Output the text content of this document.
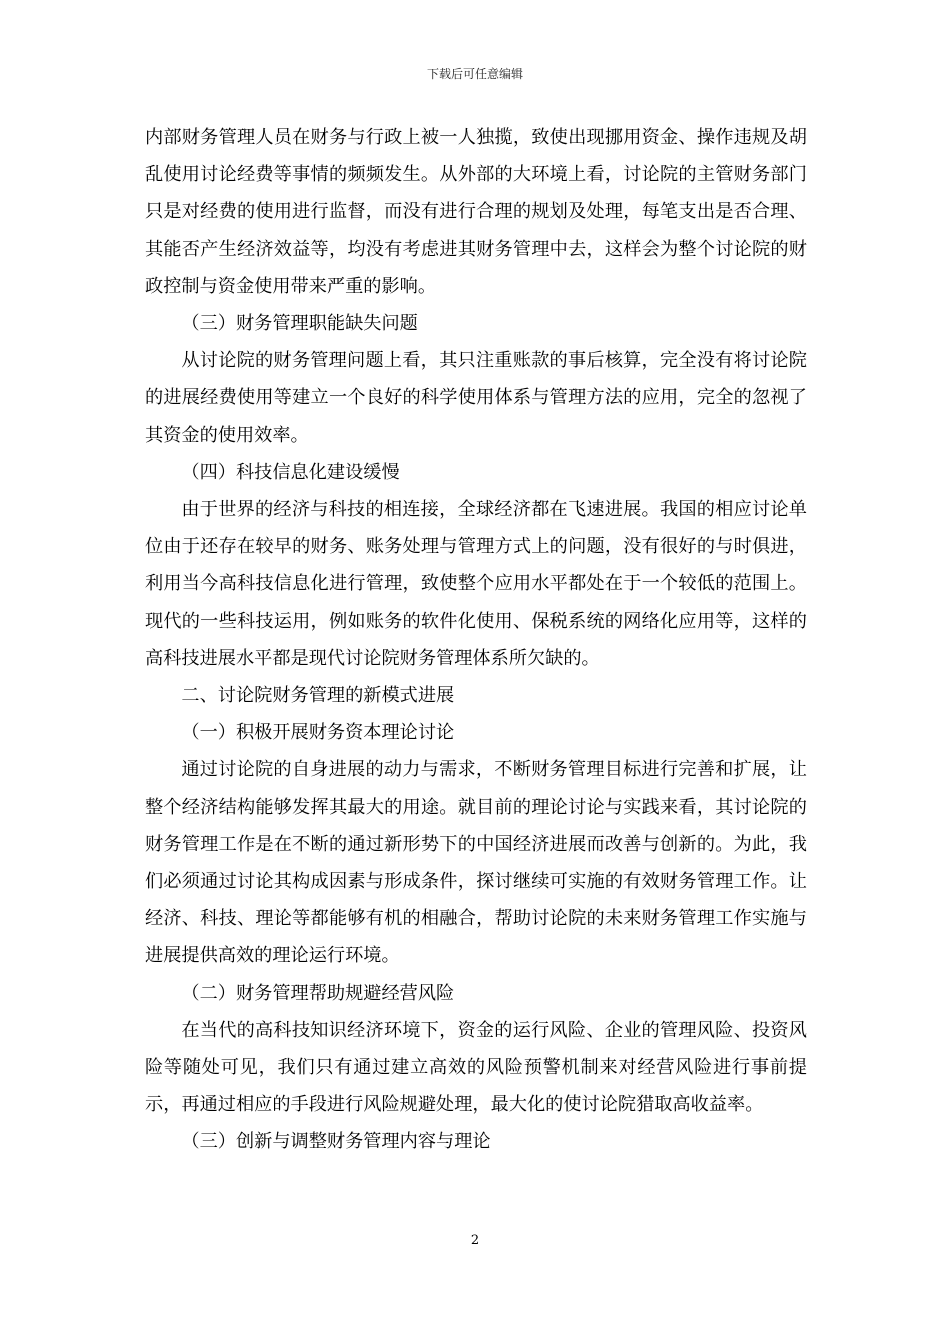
下载后可任意编辑

内部财务管理人员在财务与行政上被一人独揽，致使出现挪用资金、操作违规及胡乱使用讨论经费等事情的频频发生。从外部的大环境上看，讨论院的主管财务部门只是对经费的使用进行监督，而没有进行合理的规划及处理，每笔支出是否合理、其能否产生经济效益等，均没有考虑进其财务管理中去，这样会为整个讨论院的财政控制与资金使用带来严重的影响。

（三）财务管理职能缺失问题

从讨论院的财务管理问题上看，其只注重账款的事后核算，完全没有将讨论院的进展经费使用等建立一个良好的科学使用体系与管理方法的应用，完全的忽视了其资金的使用效率。

（四）科技信息化建设缓慢

由于世界的经济与科技的相连接，全球经济都在飞速进展。我国的相应讨论单位由于还存在较早的财务、账务处理与管理方式上的问题，没有很好的与时俱进，利用当今高科技信息化进行管理，致使整个应用水平都处在于一个较低的范围上。现代的一些科技运用，例如账务的软件化使用、保税系统的网络化应用等，这样的高科技进展水平都是现代讨论院财务管理体系所欠缺的。

二、讨论院财务管理的新模式进展

（一）积极开展财务资本理论讨论

通过讨论院的自身进展的动力与需求，不断财务管理目标进行完善和扩展，让整个经济结构能够发挥其最大的用途。就目前的理论讨论与实践来看，其讨论院的财务管理工作是在不断的通过新形势下的中国经济进展而改善与创新的。为此，我们必须通过讨论其构成因素与形成条件，探讨继续可实施的有效财务管理工作。让经济、科技、理论等都能够有机的相融合，帮助讨论院的未来财务管理工作实施与进展提供高效的理论运行环境。

（二）财务管理帮助规避经营风险

在当代的高科技知识经济环境下，资金的运行风险、企业的管理风险、投资风险等随处可见，我们只有通过建立高效的风险预警机制来对经营风险进行事前提示，再通过相应的手段进行风险规避处理，最大化的使讨论院猎取高收益率。

（三）创新与调整财务管理内容与理论

2
